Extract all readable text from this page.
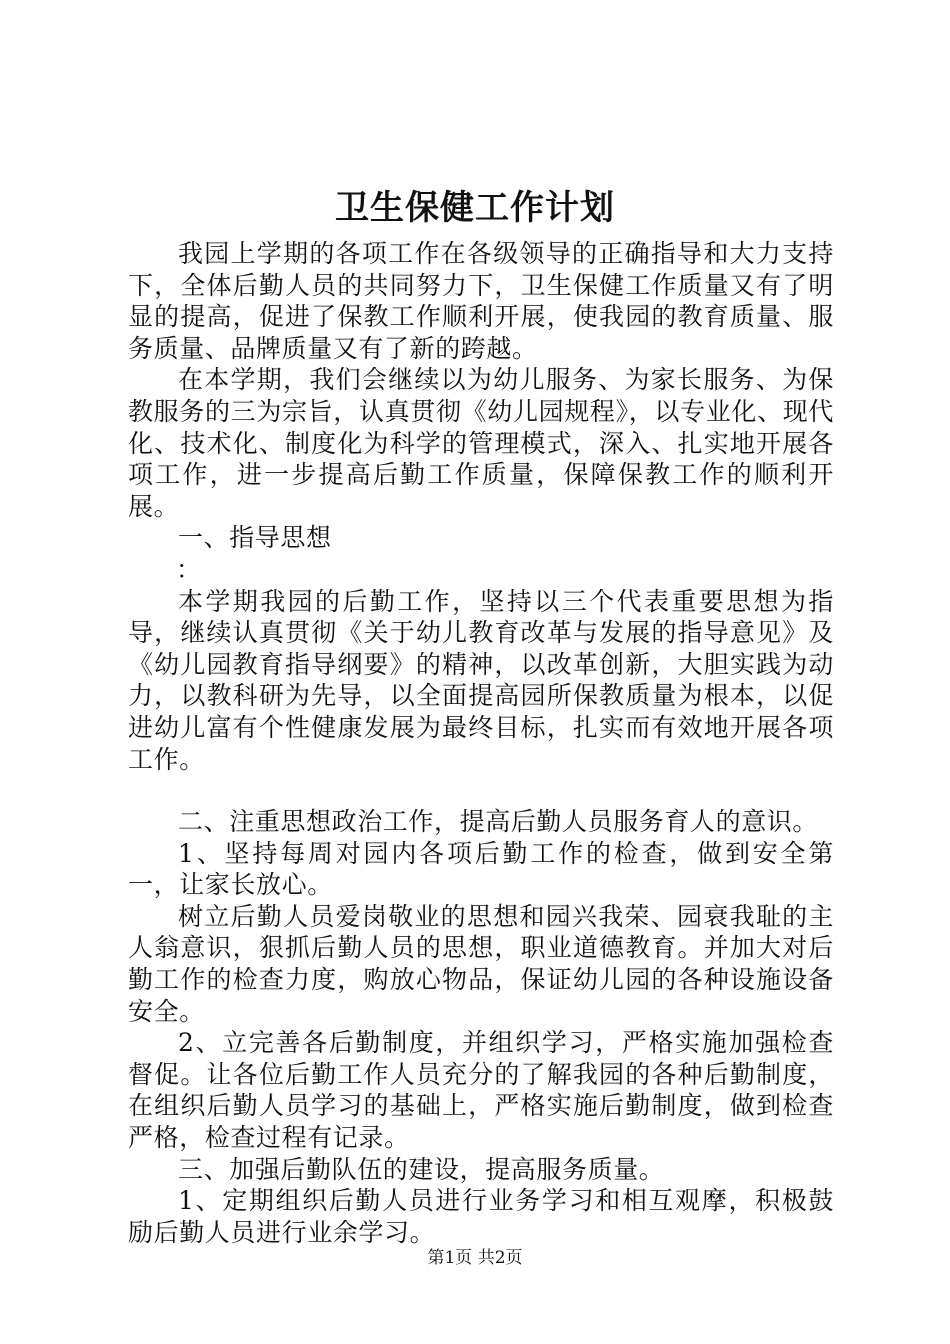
卫生保健工作计划

我园上学期的各项工作在各级领导的正确指导和大力支持下，全体后勤人员的共同努力下，卫生保健工作质量又有了明显的提高，促进了保教工作顺利开展，使我园的教育质量、服务质量、品牌质量又有了新的跨越。

在本学期，我们会继续以为幼儿服务、为家长服务、为保教服务的三为宗旨，认真贯彻《幼儿园规程》，以专业化、现代化、技术化、制度化为科学的管理模式，深入、扎实地开展各项工作，进一步提高后勤工作质量，保障保教工作的顺利开展。

一、指导思想

：

本学期我园的后勤工作，坚持以三个代表重要思想为指导，继续认真贯彻《关于幼儿教育改革与发展的指导意见》及《幼儿园教育指导纲要》的精神，以改革创新，大胆实践为动力，以教科研为先导，以全面提高园所保教质量为根本，以促进幼儿富有个性健康发展为最终目标，扎实而有效地开展各项工作。

二、注重思想政治工作，提高后勤人员服务育人的意识。

1、坚持每周对园内各项后勤工作的检查，做到安全第一，让家长放心。

树立后勤人员爱岗敬业的思想和园兴我荣、园衰我耻的主人翁意识，狠抓后勤人员的思想，职业道德教育。并加大对后勤工作的检查力度，购放心物品，保证幼儿园的各种设施设备安全。

2、立完善各后勤制度，并组织学习，严格实施加强检查督促。让各位后勤工作人员充分的了解我园的各种后勤制度，在组织后勤人员学习的基础上，严格实施后勤制度，做到检查严格，检查过程有记录。

三、加强后勤队伍的建设，提高服务质量。

1、定期组织后勤人员进行业务学习和相互观摩，积极鼓励后勤人员进行业余学习。

第1页 共2页
